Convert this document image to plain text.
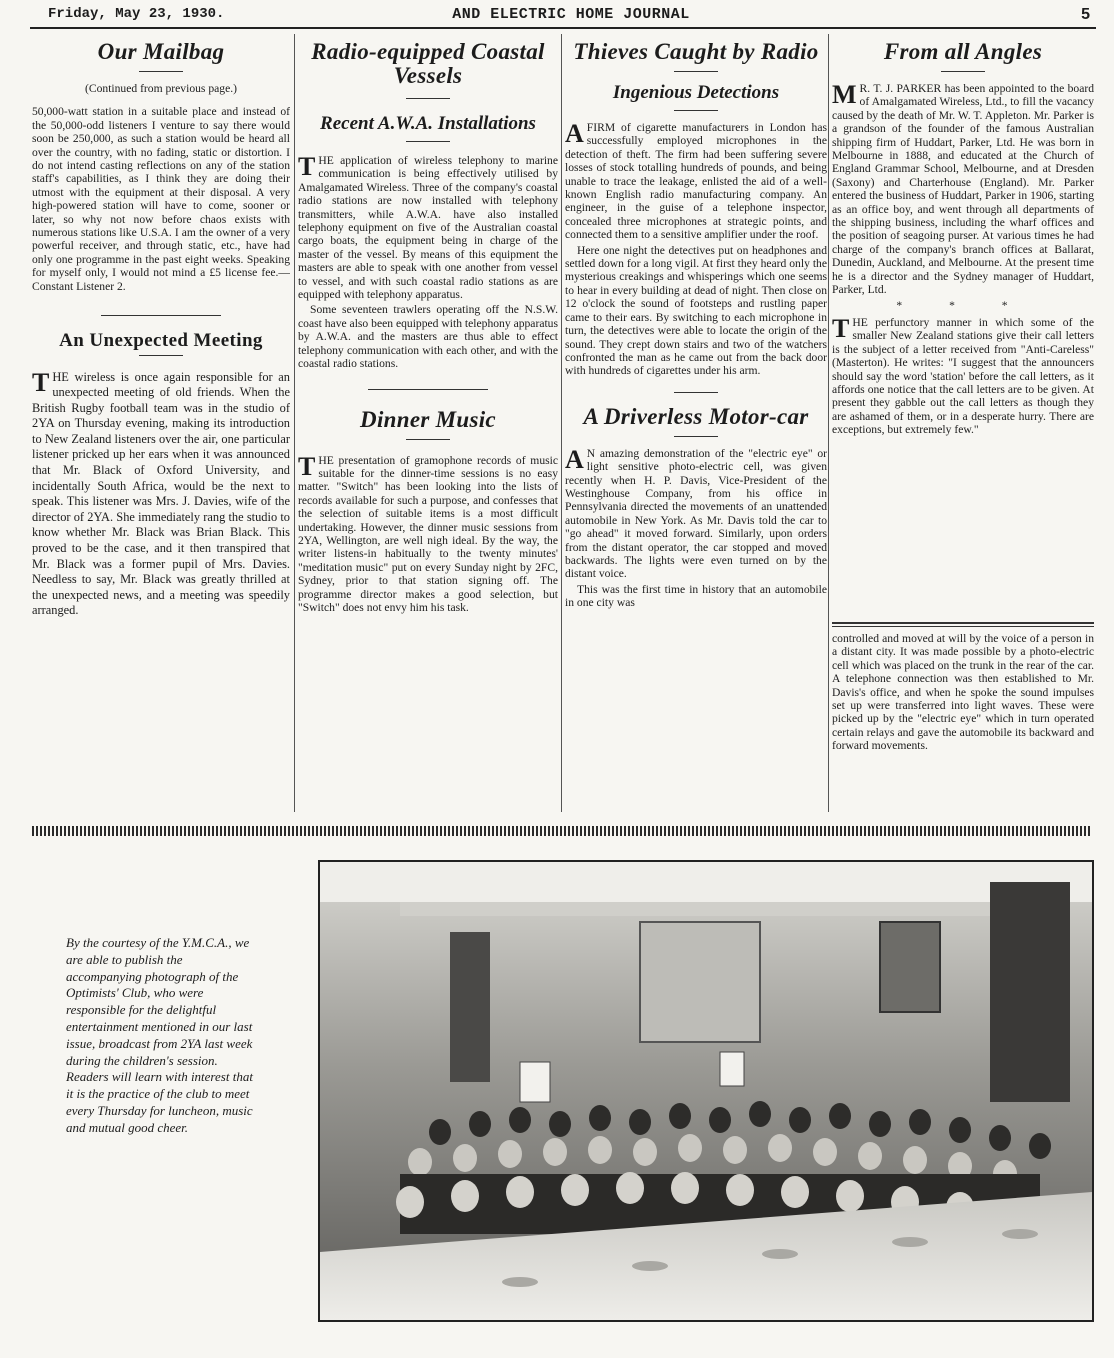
Friday, May 23, 1930.	AND ELECTRIC HOME JOURNAL	5
Our Mailbag

(Continued from previous page.)

50,000-watt station in a suitable place and instead of the 50,000-odd listeners I venture to say there would soon be 250,000, as such a station would be heard all over the country, with no fading, static or distortion. I do not intend casting reflections on any of the station staff's capabilities, as I think they are doing their utmost with the equipment at their disposal. A very high-powered station will have to come, sooner or later, so why not now before chaos exists with numerous stations like U.S.A. I am the owner of a very powerful receiver, and through static, etc., have had only one programme in the past eight weeks. Speaking for myself only, I would not mind a £5 license fee.—Constant Listener 2.

An Unexpected Meeting

THE wireless is once again responsible for an unexpected meeting of old friends. When the British Rugby football team was in the studio of 2YA on Thursday evening, making its introduction to New Zealand listeners over the air, one particular listener pricked up her ears when it was announced that Mr. Black of Oxford University, and incidentally South Africa, would be the next to speak. This listener was Mrs. J. Davies, wife of the director of 2YA. She immediately rang the studio to know whether Mr. Black was Brian Black. This proved to be the case, and it then transpired that Mr. Black was a former pupil of Mrs. Davies. Needless to say, Mr. Black was greatly thrilled at the unexpected news, and a meeting was speedily arranged.

Radio-equipped Coastal Vessels
Recent A.W.A. Installations

THE application of wireless telephony to marine communication is being effectively utilised by Amalgamated Wireless. Three of the company's coastal radio stations are now installed with telephony transmitters, while A.W.A. have also installed telephony equipment on five of the Australian coastal cargo boats, the equipment being in charge of the master of the vessel. By means of this equipment the masters are able to speak with one another from vessel to vessel, and with such coastal radio stations as are equipped with telephony apparatus.

Some seventeen trawlers operating off the N.S.W. coast have also been equipped with telephony apparatus by A.W.A. and the masters are thus able to effect telephony communication with each other, and with the coastal radio stations.

Dinner Music

THE presentation of gramophone records of music suitable for the dinner-time sessions is no easy matter. "Switch" has been looking into the lists of records available for such a purpose, and confesses that the selection of suitable items is a most difficult undertaking. However, the dinner music sessions from 2YA, Wellington, are well nigh ideal. By the way, the writer listens-in habitually to the twenty minutes' "meditation music" put on every Sunday night by 2FC, Sydney, prior to that station signing off. The programme director makes a good selection, but "Switch" does not envy him his task.

Thieves Caught by Radio
Ingenious Detections

AFIRM of cigarette manufacturers in London has successfully employed microphones in the detection of theft. The firm had been suffering severe losses of stock totalling hundreds of pounds, and being unable to trace the leakage, enlisted the aid of a well-known English radio manufacturing company. An engineer, in the guise of a telephone inspector, concealed three microphones at strategic points, and connected them to a sensitive amplifier under the roof.

Here one night the detectives put on headphones and settled down for a long vigil. At first they heard only the mysterious creakings and whisperings which one seems to hear in every building at dead of night. Then close on 12 o'clock the sound of footsteps and rustling paper came to their ears. By switching to each microphone in turn, the detectives were able to locate the origin of the sound. They crept down stairs and two of the watchers confronted the man as he came out from the back door with hundreds of cigarettes under his arm.

A Driverless Motor-car

A N amazing demonstration of the "electric eye" or light sensitive photo-electric cell, was given recently when H. P. Davis, Vice-President of the Westinghouse Company, from his office in Pennsylvania directed the movements of an unattended automobile in New York. As Mr. Davis told the car to "go ahead" it moved forward. Similarly, upon orders from the distant operator, the car stopped and moved backwards. The lights were even turned on by the distant voice.

This was the first time in history that an automobile in one city was

From all Angles

M R. T. J. PARKER has been appointed to the board of Amalgamated Wireless, Ltd., to fill the vacancy caused by the death of Mr. W. T. Appleton. Mr. Parker is a grandson of the founder of the famous Australian shipping firm of Huddart, Parker, Ltd. He was born in Melbourne in 1888, and educated at the Church of England Grammar School, Melbourne, and at Dresden (Saxony) and Charterhouse (England). Mr. Parker entered the business of Huddart, Parker in 1906, starting as an office boy, and went through all departments of the shipping business, including the wharf offices and the position of seagoing purser. At various times he had charge of the company's branch offices at Ballarat, Dunedin, Auckland, and Melbourne. At the present time he is a director and the Sydney manager of Huddart, Parker, Ltd.

* * *

THE perfunctory manner in which some of the smaller New Zealand stations give their call letters is the subject of a letter received from "Anti-Careless" (Masterton). He writes: "I suggest that the announcers should say the word 'station' before the call letters, as it affords one notice that the call letters are to be given. At present they gabble out the call letters as though they are ashamed of them, or in a desperate hurry. There are exceptions, but extremely few."

controlled and moved at will by the voice of a person in a distant city. It was made possible by a photo-electric cell which was placed on the trunk in the rear of the car. A telephone connection was then established to Mr. Davis's office, and when he spoke the sound impulses set up were transferred into light waves. These were picked up by the "electric eye" which in turn operated certain relays and gave the automobile its backward and forward movements.

By the courtesy of the Y.M.C.A., we are able to publish the accompanying photograph of the Optimists' Club, who were responsible for the delightful entertainment mentioned in our last issue, broadcast from 2YA last week during the children's session. Readers will learn with interest that it is the practice of the club to meet every Thursday for luncheon, music and mutual good cheer.
